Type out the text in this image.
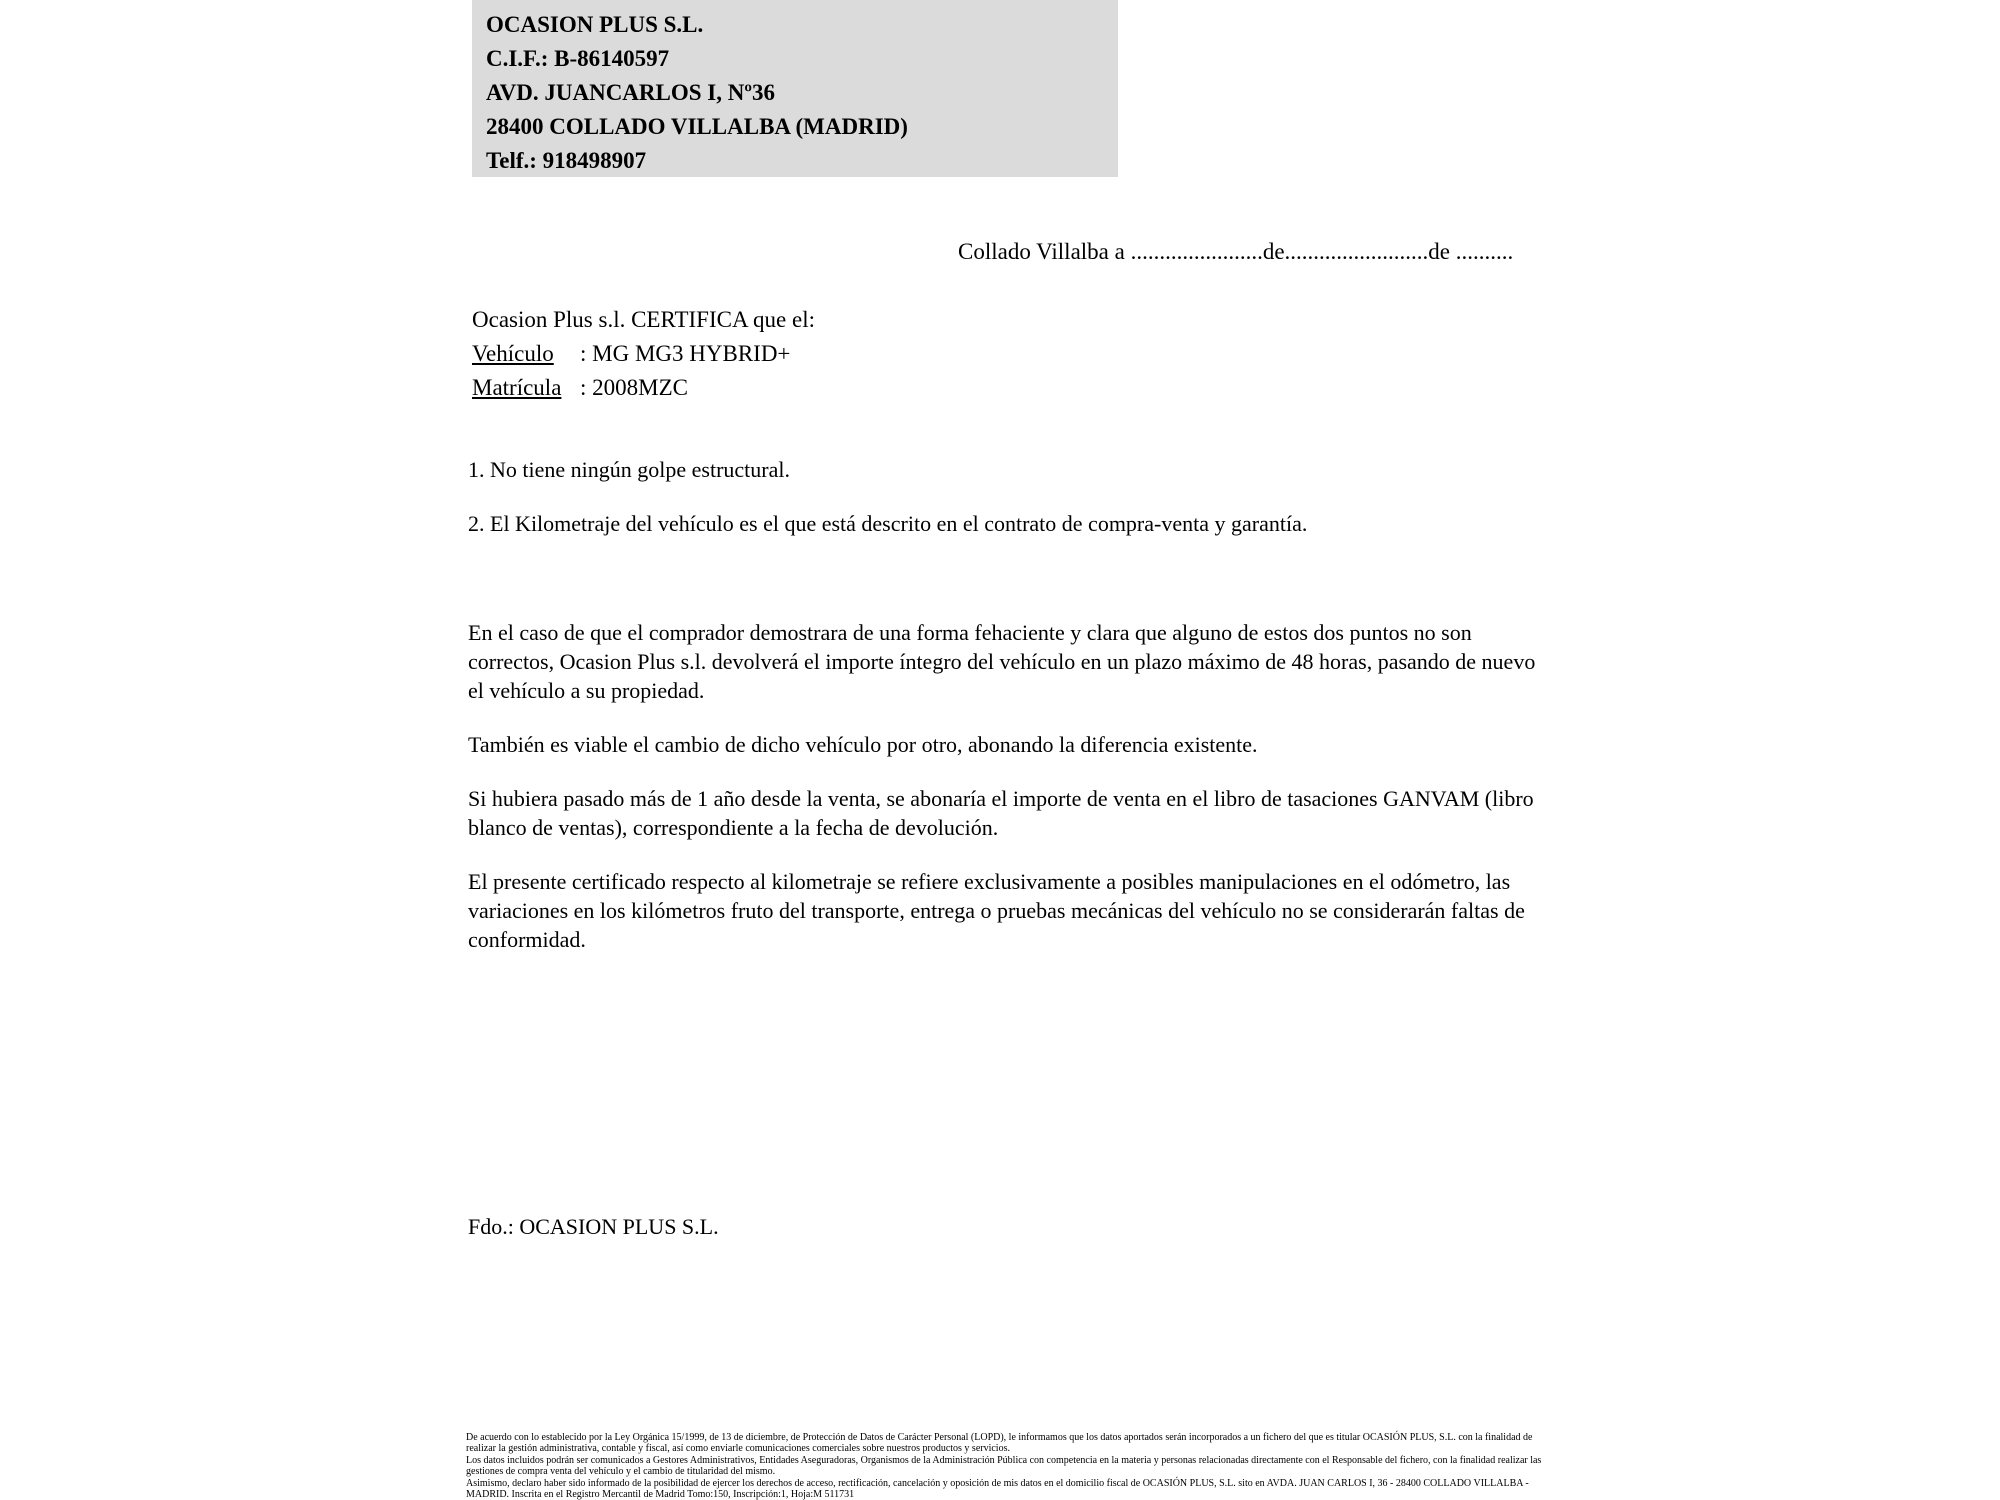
OCASION PLUS S.L.
C.I.F.: B-86140597
AVD. JUANCARLOS I, Nº36
28400 COLLADO VILLALBA (MADRID)
Telf.: 918498907
Collado Villalba a .......................de.........................de ..........
Ocasion Plus s.l. CERTIFICA que el:
Vehículo : MG MG3 HYBRID+
Matrícula : 2008MZC

1. No tiene ningún golpe estructural.

2. El Kilometraje del vehículo es el que está descrito en el contrato de compra-venta y garantía.

En el caso de que el comprador demostrara de una forma fehaciente y clara que alguno de estos dos puntos no son correctos, Ocasion Plus s.l. devolverá el importe íntegro del vehículo en un plazo máximo de 48 horas, pasando de nuevo el vehículo a su propiedad.

También es viable el cambio de dicho vehículo por otro, abonando la diferencia existente.

Si hubiera pasado más de 1 año desde la venta, se abonaría el importe de venta en el libro de tasaciones GANVAM (libro blanco de ventas), correspondiente a la fecha de devolución.

El presente certificado respecto al kilometraje se refiere exclusivamente a posibles manipulaciones en el odómetro, las variaciones en los kilómetros fruto del transporte, entrega o pruebas mecánicas del vehículo no se considerarán faltas de conformidad.

Fdo.: OCASION PLUS S.L.

De acuerdo con lo establecido por la Ley Orgánica 15/1999, de 13 de diciembre, de Protección de Datos de Carácter Personal (LOPD), le informamos que los datos aportados serán incorporados a un fichero del que es titular OCASIÓN PLUS, S.L. con la finalidad de realizar la gestión administrativa, contable y fiscal, así como enviarle comunicaciones comerciales sobre nuestros productos y servicios.

Los datos incluidos podrán ser comunicados a Gestores Administrativos, Entidades Aseguradoras, Organismos de la Administración Pública con competencia en la materia y personas relacionadas directamente con el Responsable del fichero, con la finalidad realizar las gestiones de compra venta del vehículo y el cambio de titularidad del mismo.

Asimismo, declaro haber sido informado de la posibilidad de ejercer los derechos de acceso, rectificación, cancelación y oposición de mis datos en el domicilio fiscal de OCASIÓN PLUS, S.L. sito en AVDA. JUAN CARLOS I, 36 - 28400 COLLADO VILLALBA - MADRID. Inscrita en el Registro Mercantil de Madrid Tomo:150, Inscripción:1, Hoja:M 511731
